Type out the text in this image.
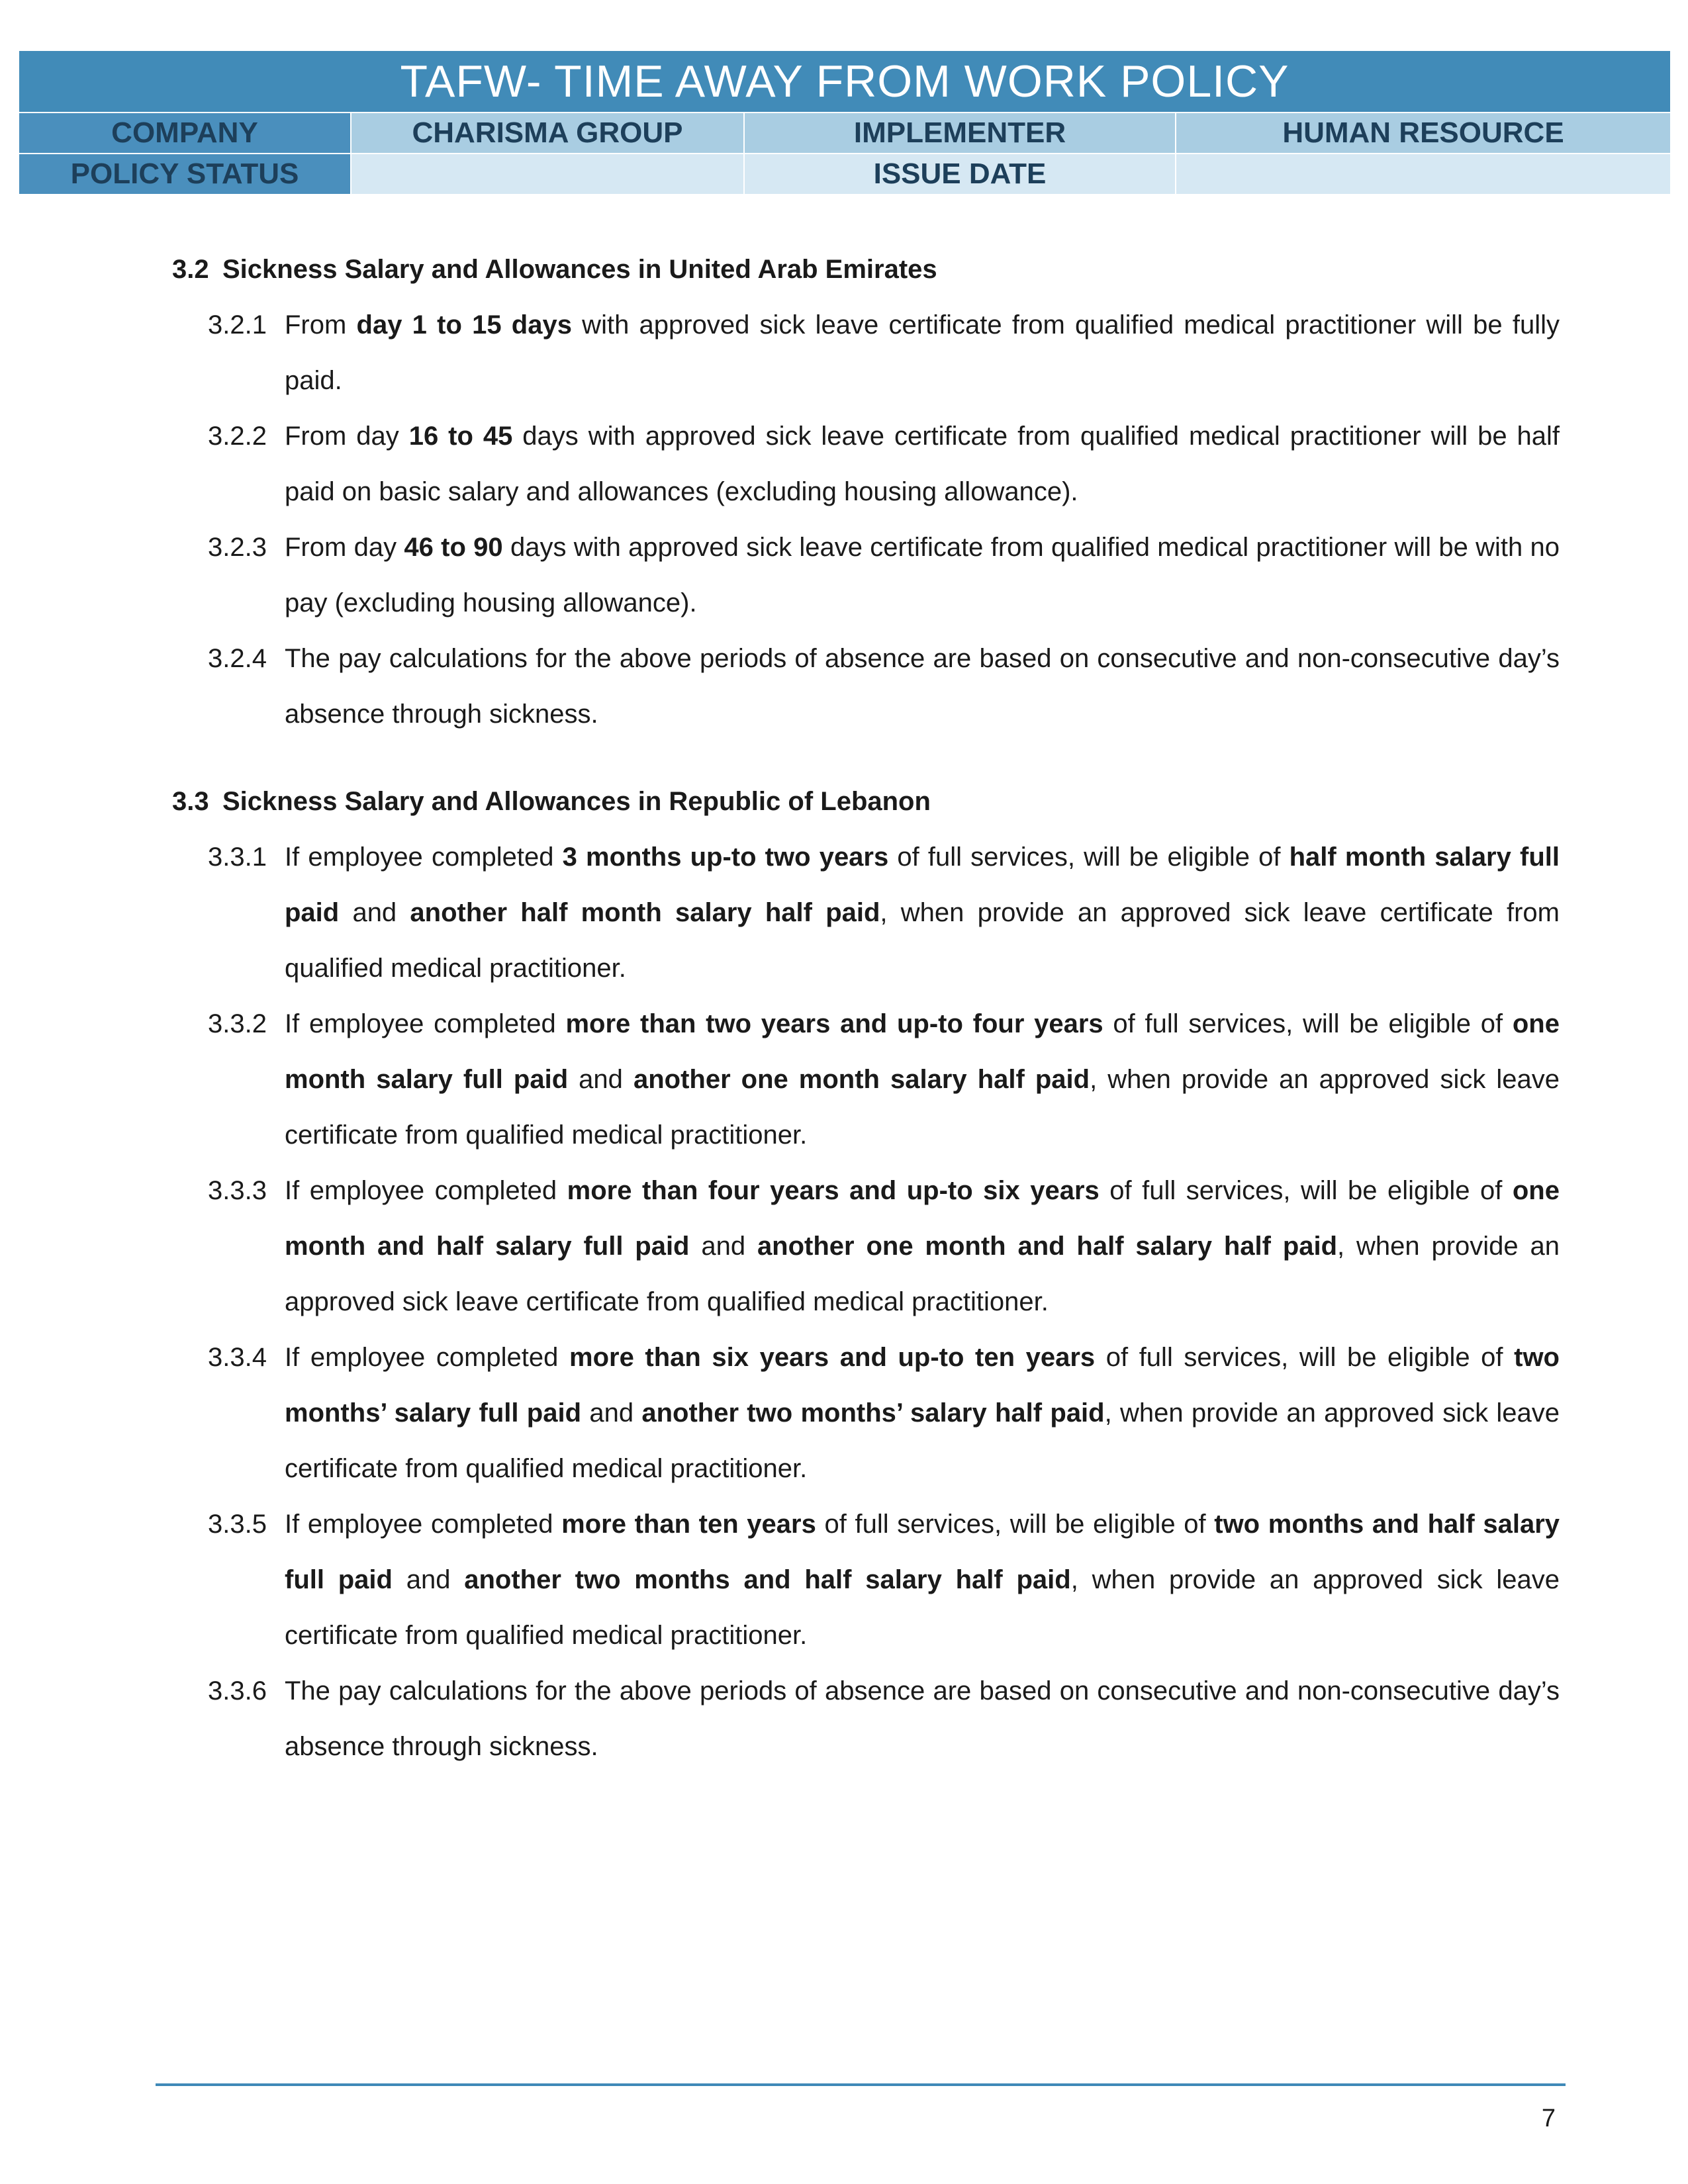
TAFW- TIME AWAY FROM WORK POLICY			
COMPANY	CHARISMA GROUP	IMPLEMENTER	HUMAN RESOURCE
POLICY STATUS		ISSUE DATE	
3.2 Sickness Salary and Allowances in United Arab Emirates
3.2.1 From day 1 to 15 days with approved sick leave certificate from qualified medical practitioner will be fully paid.
3.2.2 From day 16 to 45 days with approved sick leave certificate from qualified medical practitioner will be half paid on basic salary and allowances (excluding housing allowance).
3.2.3 From day 46 to 90 days with approved sick leave certificate from qualified medical practitioner will be with no pay (excluding housing allowance).
3.2.4 The pay calculations for the above periods of absence are based on consecutive and non-consecutive day’s absence through sickness.
3.3 Sickness Salary and Allowances in Republic of Lebanon
3.3.1 If employee completed 3 months up-to two years of full services, will be eligible of half month salary full paid and another half month salary half paid, when provide an approved sick leave certificate from qualified medical practitioner.
3.3.2 If employee completed more than two years and up-to four years of full services, will be eligible of one month salary full paid and another one month salary half paid, when provide an approved sick leave certificate from qualified medical practitioner.
3.3.3 If employee completed more than four years and up-to six years of full services, will be eligible of one month and half salary full paid and another one month and half salary half paid, when provide an approved sick leave certificate from qualified medical practitioner.
3.3.4 If employee completed more than six years and up-to ten years of full services, will be eligible of two months’ salary full paid and another two months’ salary half paid, when provide an approved sick leave certificate from qualified medical practitioner.
3.3.5 If employee completed more than ten years of full services, will be eligible of two months and half salary full paid and another two months and half salary half paid, when provide an approved sick leave certificate from qualified medical practitioner.
3.3.6 The pay calculations for the above periods of absence are based on consecutive and non-consecutive day’s absence through sickness.
7
